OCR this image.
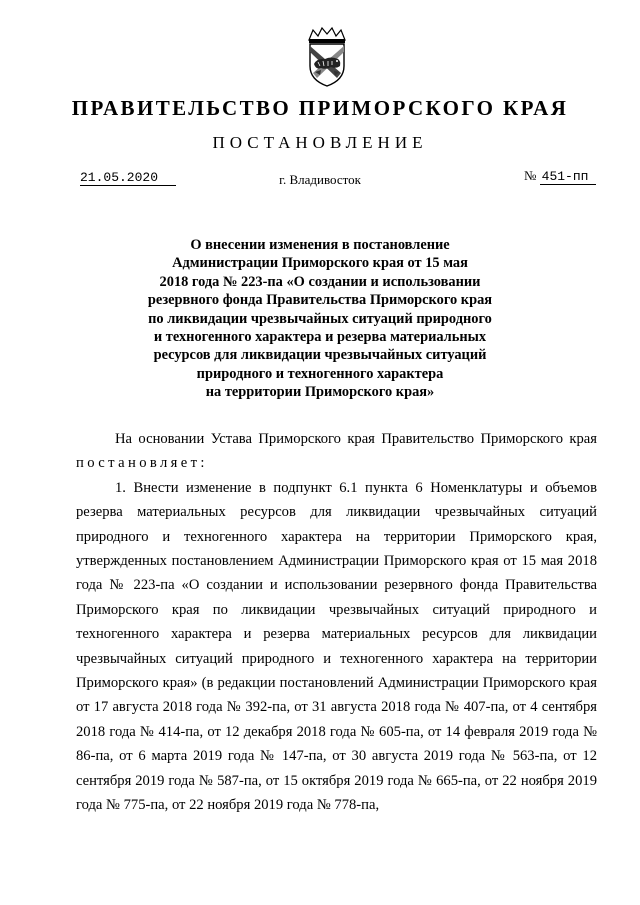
ПРАВИТЕЛЬСТВО ПРИМОРСКОГО КРАЯ
ПОСТАНОВЛЕНИЕ
21.05.2020	г. Владивосток	№ 451-пп
О внесении изменения в постановление
Администрации Приморского края от 15 мая
2018 года № 223-па «О создании и использовании
резервного фонда Правительства Приморского края
по ликвидации чрезвычайных ситуаций природного
и техногенного характера и резерва материальных
ресурсов для ликвидации чрезвычайных ситуаций
природного и техногенного характера
на территории Приморского края»

На основании Устава Приморского края Правительство Приморского края постановляет:

1. Внести изменение в подпункт 6.1 пункта 6 Номенклатуры и объемов резерва материальных ресурсов для ликвидации чрезвычайных ситуаций природного и техногенного характера на территории Приморского края, утвержденных постановлением Администрации Приморского края от 15 мая 2018 года № 223-па «О создании и использовании резервного фонда Правительства Приморского края по ликвидации чрезвычайных ситуаций природного и техногенного характера и резерва материальных ресурсов для ликвидации чрезвычайных ситуаций природного и техногенного характера на территории Приморского края» (в редакции постановлений Администрации Приморского края от 17 августа 2018 года № 392-па, от 31 августа 2018 года № 407-па, от 4 сентября 2018 года № 414-па, от 12 декабря 2018 года № 605-па, от 14 февраля 2019 года № 86-па, от 6 марта 2019 года № 147-па, от 30 августа 2019 года № 563-па, от 12 сентября 2019 года № 587-па, от 15 октября 2019 года № 665-па, от 22 ноября 2019 года № 775-па, от 22 ноября 2019 года № 778-па,
